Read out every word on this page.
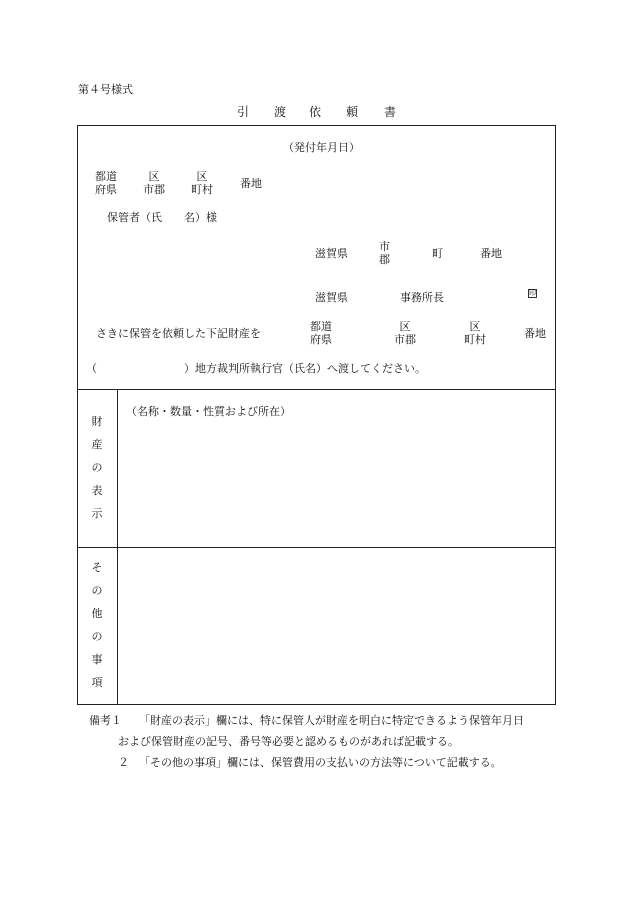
第４号様式
引 渡 依 頼 書
（発付年月日）
都道
府県
区
市郡
区
町村 番地
保管者（氏　　名）様
滋賀県
市
郡	町	番地
滋賀県	事務所長	印
さきに保管を依頼した下記財産を
都道
府県
区
市郡
区
町村	番地
（	）地方裁判所執行官（氏名）へ渡してください。
財
産
の
表
示
（名称・数量・性質および所在）
そ
の
他
の
事
項
備考１ 「財産の表示」欄には、特に保管人が財産を明白に特定できるよう保管年月日
および保管財産の記号、番号等必要と認めるものがあれば記載する。
２ 「その他の事項」欄には、保管費用の支払いの方法等について記載する。
